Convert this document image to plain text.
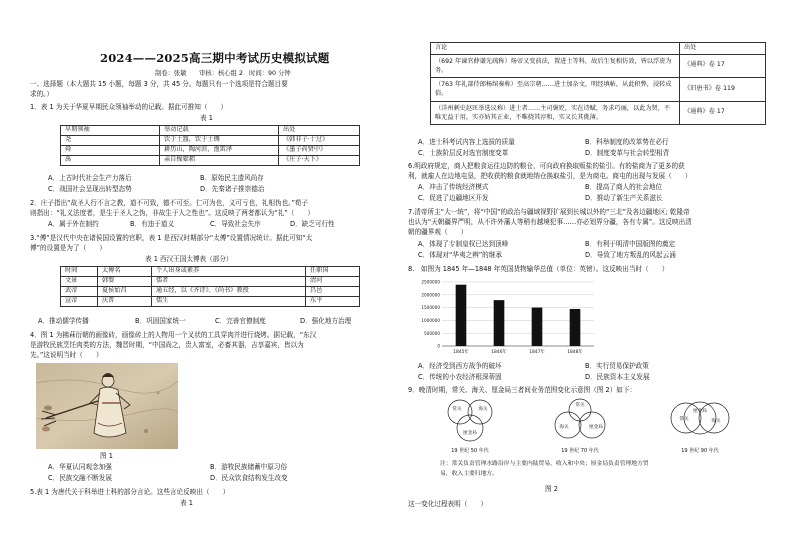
2024——2025高三期中考试历史模拟试题
制卷：张敏　　审核：核心组 2　时间：90 分钟

一、选择题（本大题共 15 小题，每题 3 分，共 45 分。每题只有一个选项是符合题目要

求的。）

1．表 1 为关于华夏早期民众领袖举动的记载。据此可推知（　　）

表 1

早期领袖	举动记载	出处
尧	饮于土簋，饮于土铏	《韩非子·十过》
舜	耕历山，陶河滨，渔雷泽	《墨子尚贤中》
禹	亲自操橐耜	《庄子·天下》

A．上古时代社会生产力落后	B．原始民主遗风尚存

C．战国社会呈现出转型态势	D．先秦诸子推崇德治

2．庄子指出“故圣人行不言之教，道不可致，德不可至。仁可为也，义可亏也，礼相伪也。”荀子

则指出：“礼义法度者，是生于圣人之伪，非故生于人之性也”。这反映了两者都认为“礼”（　　）

A．属于外在制约	B．有违于道义	C．导致社会失序	D．缺乏可行性

3.“傅”是汉代中央在诸侯国设置的官职，表 1 是西汉时期部分“太傅”设置情况统计。据此可知“太

傅”的设置是为了（　　）

表 1 西汉王国太傅表（部分）

时间	太傅名	个人出身或素养	任职国
文景	韩婴	儒者	清河
武帝	夏侯始昌	通五经，以《齐诗》、《尚书》教授	昌邑
宣帝	庆普	儒生	东平

A．推动儒学传播	B．巩固国家统一	C．完善官僚制度	D．强化地方治理

4．图 1 为拂菻衍朝的画像砖，画像砖上的人物用一个叉状的工具穿肉并进行烧烤。据记载，“东汉

是游牧民族烹饪肉类的方法，魏晋时期，“中国尚之，贵人富室，必畜其器，吉享嘉宾，皆以为

先。”这说明当时（　　）

图 1

A．华夏认同观念加强	B．游牧民族储蓄中原习俗

C．民族交融不断发展	D．民众饮食结构发生改变

5.表 1 为唐代关于科举进士科的部分言论。这些言论反映出（　　）

表 1

言论	出处
（692 年谏官薛谦光疏称）炀帝又变前法，置进士等科，故后生复相仿效，皆以浮虚为务。	《通典》卷 17
（763 年礼部侍郎杨绾奏称）至高宗朝……进士加杂文，明经填帖，从此积弊，浸转成俗。	《旧唐书》卷 119
（洋州刺史赵匡举选议称）进士者……主司褒贬，实在诗赋，务求巧丽，以此为贤，不唯无益于用，实亦妨其正业，不唯挠其淳和，实又长其佻薄。	《通典》卷 17

A．进士科考试内容上选拔的质量	B．科举制度的改革势在必行

C．士族阶层反对选官制度变革	D．制度变革与社会转型相背

6.明政府规定，商人把粮食运往边防的粮仓，可向政府换取贩盐的盐引。有的盐商为了更多的获

利，就雇人在边地屯垦，把收获的粮食就地纳仓换取盐引，是为商屯。商屯的出现与发展（　　）

A．冲击了传统经济模式	B．提高了商人的社会地位

C．促进了边疆地区开发	D．推动了新生产关系滋长

7.清帝所主“大一统”，将“中国”的政治与疆域视野扩展到长城以外的“三北”及各边疆地区; 乾隆帝

也认为“天朝疆界严明，从不许外藩人等稍有越境犯事……亦必划界分疆，各有专属”。这反映出清

朝的疆界观（　　）

A．体现了专制皇权已达到顶峰	B．有利于明清中国版图的奠定

C．体现对“华夷之辨”的继承	D．导致了地方叛乱的风起云涌

8.　如图为 1845 年—1848 年英国货物输华总值（单位：英镑）。这反映出当时（　　）

0
500000
1000000
1500000
2000000
2500000
1845年	1846年	1847年	1848年

A．经济受到西方战争的破坏	B．实行贸易保护政策

C．传统的小农经济根深蒂固	D．民族资本主义发展

9．晚清时期，常关、海关、厘金局三者间业务范围变化示意图（图 2）如下：

常关	海关
厘金局
19 世纪 50 年代
常关
海关	厘金局
19 世纪 70 年代
常关
厘金局
海关
19 世纪 90 年代

注：常关负责管理水路沿岸与主要内陆贸易，收入和中央；厘金局负责管理地方贸

易，收入主要归地方。

图 2

这一变化过程表明（　　）
